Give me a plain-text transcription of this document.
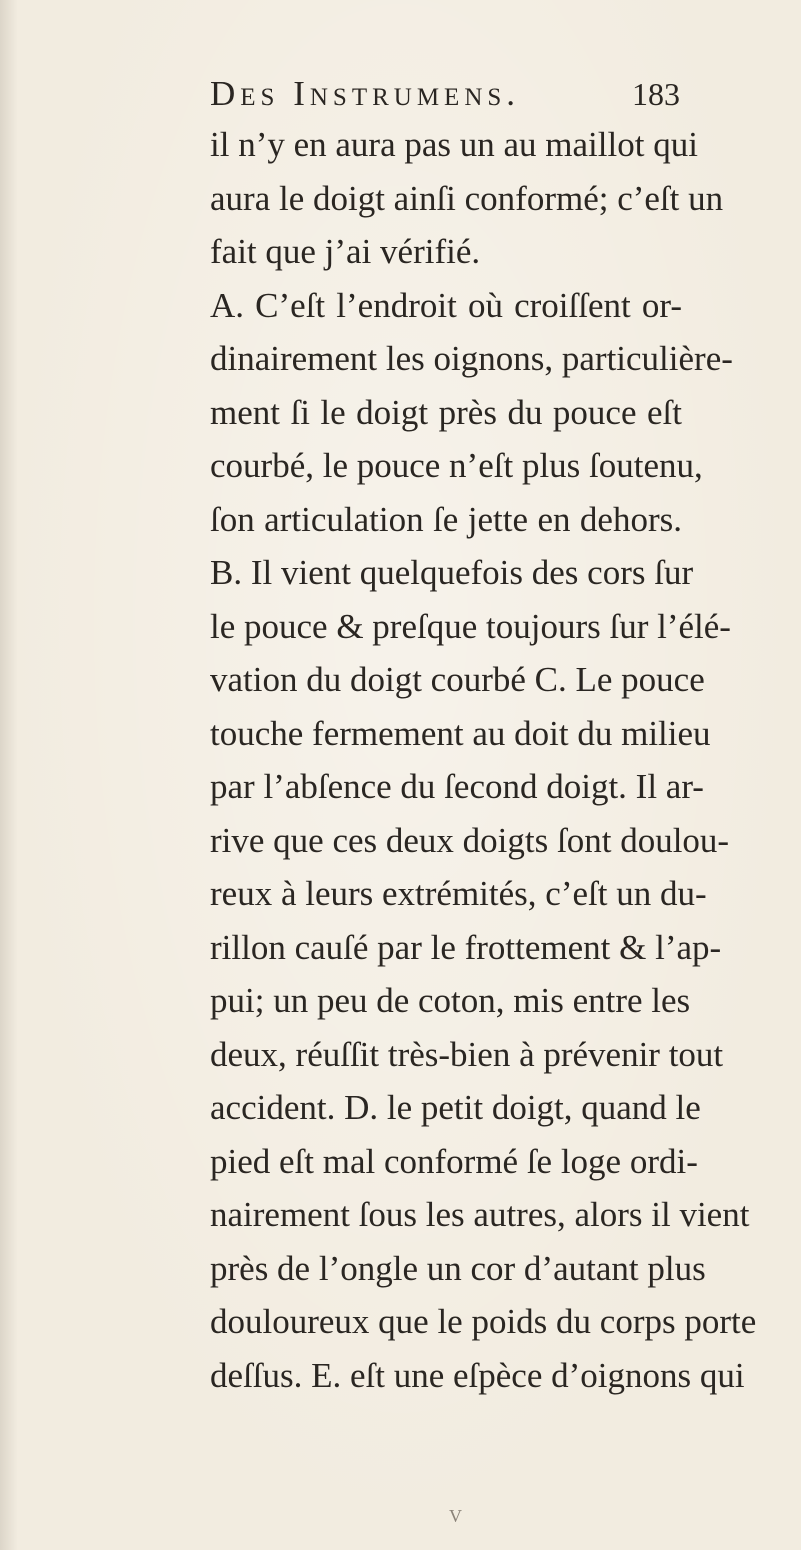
Des Instrumens.	183
il n’y en aura pas un au maillot qui
aura le doigt ainſi conformé; c’eſt un
fait que j’ai vérifié.
A. C’eſt l’endroit où croiſſent or-
dinairement les oignons, particulière-
ment ſi le doigt près du pouce eſt
courbé, le pouce n’eſt plus ſoutenu,
ſon articulation ſe jette en dehors.
B. Il vient quelquefois des cors ſur
le pouce & preſque toujours ſur l’élé-
vation du doigt courbé C. Le pouce
touche fermement au doit du milieu
par l’abſence du ſecond doigt. Il ar-
rive que ces deux doigts ſont doulou-
reux à leurs extrémités, c’eſt un du-
rillon cauſé par le frottement & l’ap-
pui; un peu de coton, mis entre les
deux, réuſſit très-bien à prévenir tout
accident. D. le petit doigt, quand le
pied eſt mal conformé ſe loge ordi-
nairement ſous les autres, alors il vient
près de l’ongle un cor d’autant plus
douloureux que le poids du corps porte
deſſus. E. eſt une eſpèce d’oignons qui
V
